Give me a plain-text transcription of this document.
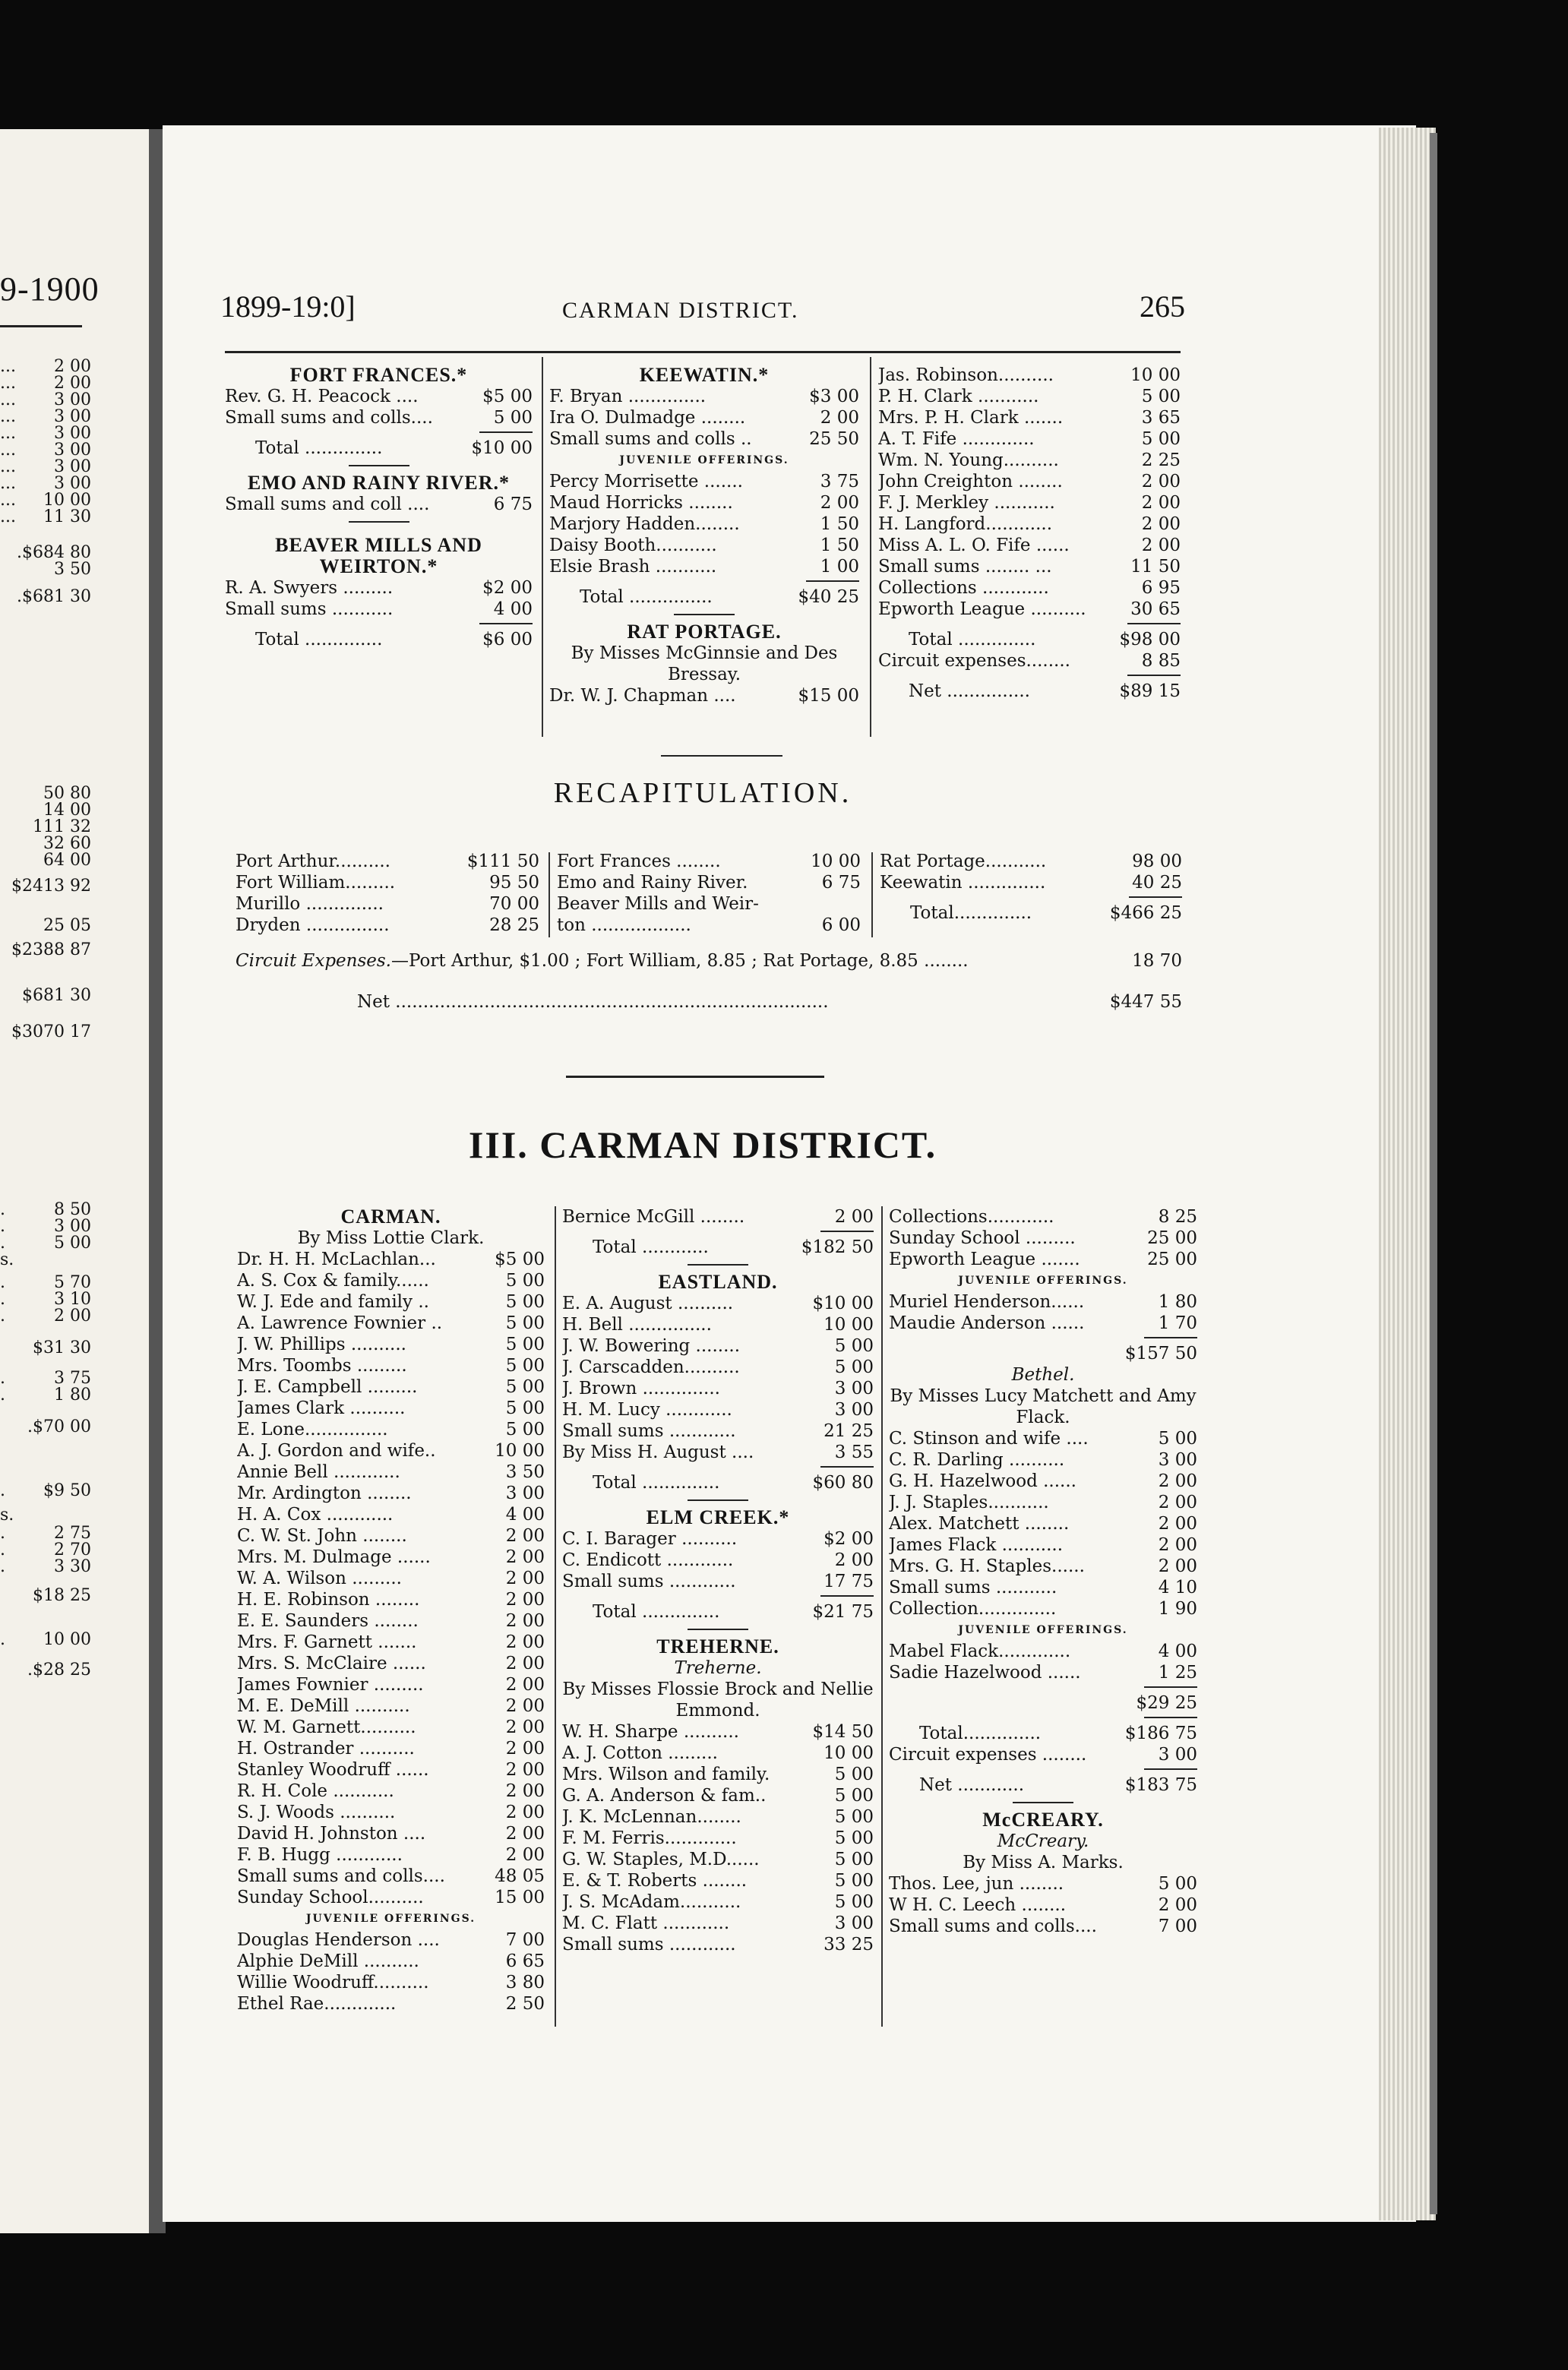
9-1900
... 2 00
... 2 00
... 3 00
... 3 00
... 3 00
... 3 00
... 3 00
... 3 00
... 10 00
... 11 30
.$684 80
3 50
.$681 30
50 80
14 00
111 32
32 60
64 00
$2413 92
25 05
$2388 87
$681 30
$3070 17
.	8 50
.	3 00
.	5 00
s.
.	5 70
.	3 10
.	2 00
$31 30
.	3 75
.	1 80
.$70 00
. $9 50
s.
.	2 75
.	2 70
.	3 30
$18 25
. 10 00
.$28 25
1899-19:0]	CARMAN DISTRICT.	265
FORT FRANCES.*
Rev. G. H. Peacock ....	$5 00
Small sums and colls....	5 00
Total ..............	$10 00
EMO AND RAINY RIVER.*
Small sums and coll ....	6 75
BEAVER MILLS AND WEIRTON.*
R. A. Swyers .........	$2 00
Small sums ...........	4 00
Total ..............	$6 00
KEEWATIN.*
F. Bryan ..............	$3 00
Ira O. Dulmadge ........	2 00
Small sums and colls ..	25 50
JUVENILE OFFERINGS.
Percy Morrisette .......	3 75
Maud Horricks ........	2 00
Marjory Hadden........	1 50
Daisy Booth...........	1 50
Elsie Brash ...........	1 00
Total ...............	$40 25
RAT PORTAGE.
By Misses McGinnsie and Des Bressay.
Dr. W. J. Chapman ....	$15 00
Jas. Robinson..........	10 00
P. H. Clark ...........	5 00
Mrs. P. H. Clark .......	3 65
A. T. Fife .............	5 00
Wm. N. Young..........	2 25
John Creighton ........	2 00
F. J. Merkley ...........	2 00
H. Langford............	2 00
Miss A. L. O. Fife ......	2 00
Small sums ........ ...	11 50
Collections ............	6 95
Epworth League ..........	30 65
Total ..............	$98 00
Circuit expenses........	8 85
Net ...............	$89 15
RECAPITULATION.
Port Arthur..........	$111 50
Fort William.........	95 50
Murillo ..............	70 00
Dryden ...............	28 25
Fort Frances ........	10 00
Emo and Rainy River.	6 75
Beaver Mills and Weir-
ton ..................	6 00
Rat Portage...........	98 00
Keewatin ..............	40 25
Total..............	$466 25
Circuit Expenses.—Port Arthur, $1.00 ; Fort William, 8.85 ; Rat Portage, 8.85 ........	18 70
Net ..............................................................................	$447 55
III. CARMAN DISTRICT.
CARMAN.
By Miss Lottie Clark.
Dr. H. H. McLachlan...	$5 00
A. S. Cox & family......	5 00
W. J. Ede and family ..	5 00
A. Lawrence Fownier ..	5 00
J. W. Phillips ..........	5 00
Mrs. Toombs .........	5 00
J. E. Campbell .........	5 00
James Clark ..........	5 00
E. Lone...............	5 00
A. J. Gordon and wife..	10 00
Annie Bell ............	3 50
Mr. Ardington ........	3 00
H. A. Cox ............	4 00
C. W. St. John ........	2 00
Mrs. M. Dulmage ......	2 00
W. A. Wilson .........	2 00
H. E. Robinson ........	2 00
E. E. Saunders ........	2 00
Mrs. F. Garnett .......	2 00
Mrs. S. McClaire ......	2 00
James Fownier .........	2 00
M. E. DeMill ..........	2 00
W. M. Garnett..........	2 00
H. Ostrander ..........	2 00
Stanley Woodruff ......	2 00
R. H. Cole ...........	2 00
S. J. Woods ..........	2 00
David H. Johnston ....	2 00
F. B. Hugg ............	2 00
Small sums and colls....	48 05
Sunday School..........	15 00
JUVENILE OFFERINGS.
Douglas Henderson ....	7 00
Alphie DeMill ..........	6 65
Willie Woodruff..........	3 80
Ethel Rae.............	2 50
Bernice McGill ........	2 00
Total ............	$182 50
EASTLAND.
E. A. August ..........	$10 00
H. Bell ...............	10 00
J. W. Bowering ........	5 00
J. Carscadden..........	5 00
J. Brown ..............	3 00
H. M. Lucy ............	3 00
Small sums ............	21 25
By Miss H. August ....	3 55
Total ..............	$60 80
ELM CREEK.*
C. I. Barager ..........	$2 00
C. Endicott ............	2 00
Small sums ............	17 75
Total ..............	$21 75
TREHERNE.
Treherne.
By Misses Flossie Brock and Nellie Emmond.
W. H. Sharpe ..........	$14 50
A. J. Cotton .........	10 00
Mrs. Wilson and family.	5 00
G. A. Anderson & fam..	5 00
J. K. McLennan........	5 00
F. M. Ferris.............	5 00
G. W. Staples, M.D......	5 00
E. & T. Roberts ........	5 00
J. S. McAdam...........	5 00
M. C. Flatt ............	3 00
Small sums ............	33 25
Collections............	8 25
Sunday School .........	25 00
Epworth League .......	25 00
JUVENILE OFFERINGS.
Muriel Henderson......	1 80
Maudie Anderson ......	1 70
$157 50
Bethel.
By Misses Lucy Matchett and Amy Flack.
C. Stinson and wife ....	5 00
C. R. Darling ..........	3 00
G. H. Hazelwood ......	2 00
J. J. Staples...........	2 00
Alex. Matchett ........	2 00
James Flack ...........	2 00
Mrs. G. H. Staples......	2 00
Small sums ...........	4 10
Collection..............	1 90
JUVENILE OFFERINGS.
Mabel Flack.............	4 00
Sadie Hazelwood ......	1 25
$29 25
Total..............	$186 75
Circuit expenses ........	3 00
Net ............	$183 75
McCREARY.
McCreary.
By Miss A. Marks.
Thos. Lee, jun ........	5 00
W H. C. Leech ........	2 00
Small sums and colls....	7 00
